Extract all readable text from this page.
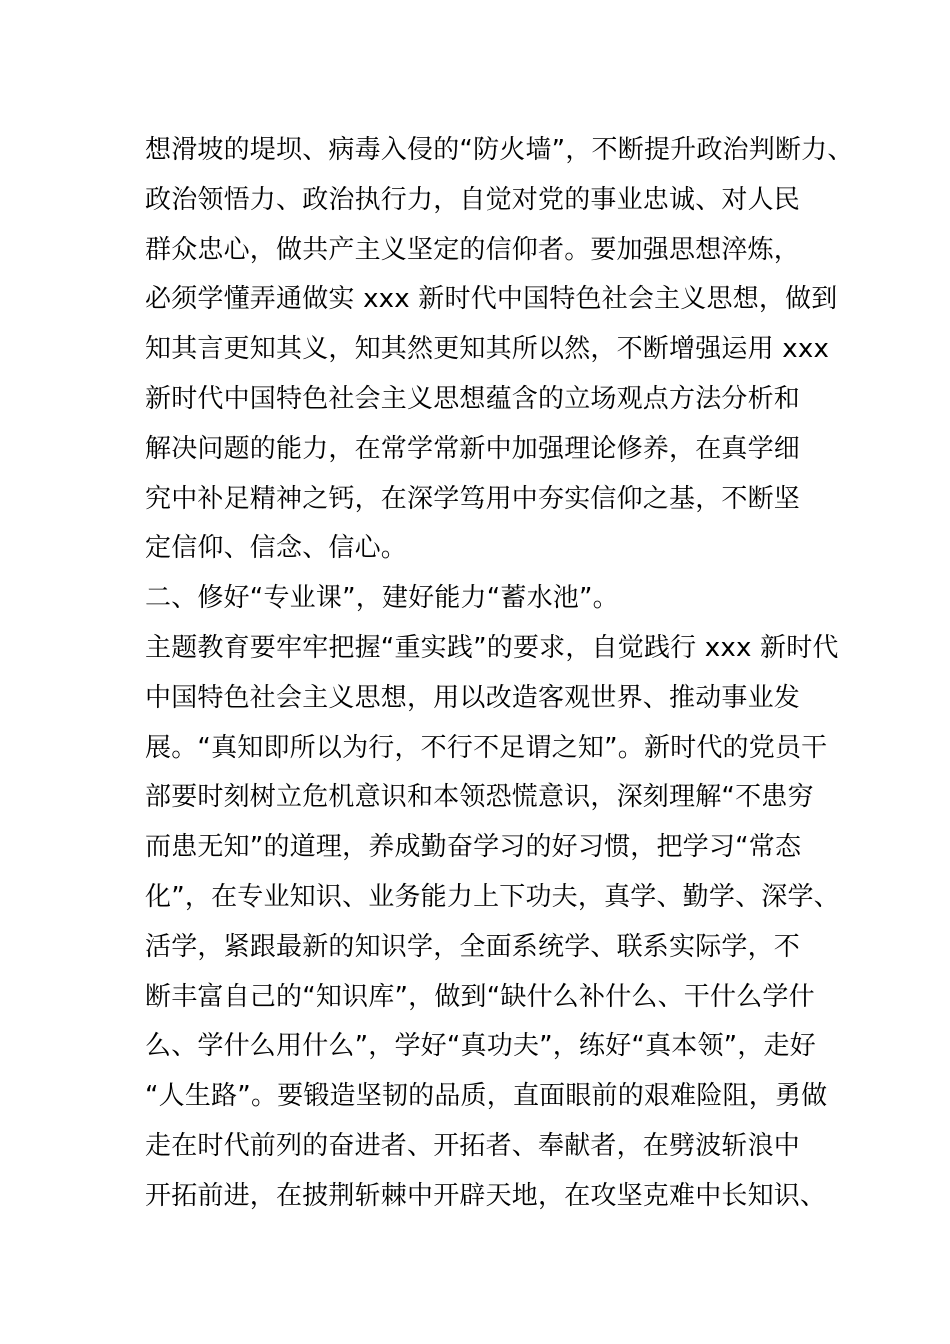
想滑坡的堤坝、病毒入侵的“防火墙”，不断提升政治判断力、
政治领悟力、政治执行力，自觉对党的事业忠诚、对人民
群众忠心，做共产主义坚定的信仰者。要加强思想淬炼，
必须学懂弄通做实 xxx 新时代中国特色社会主义思想，做到
知其言更知其义，知其然更知其所以然，不断增强运用 xxx
新时代中国特色社会主义思想蕴含的立场观点方法分析和
解决问题的能力，在常学常新中加强理论修养，在真学细
究中补足精神之钙，在深学笃用中夯实信仰之基，不断坚
定信仰、信念、信心。
二、修好“专业课”，建好能力“蓄水池”。
主题教育要牢牢把握“重实践”的要求，自觉践行 xxx 新时代
中国特色社会主义思想，用以改造客观世界、推动事业发
展。“真知即所以为行，不行不足谓之知”。新时代的党员干
部要时刻树立危机意识和本领恐慌意识，深刻理解“不患穷
而患无知”的道理，养成勤奋学习的好习惯，把学习“常态
化”，在专业知识、业务能力上下功夫，真学、勤学、深学、
活学，紧跟最新的知识学，全面系统学、联系实际学，不
断丰富自己的“知识库”，做到“缺什么补什么、干什么学什
么、学什么用什么”，学好“真功夫”，练好“真本领”，走好
“人生路”。要锻造坚韧的品质，直面眼前的艰难险阻，勇做
走在时代前列的奋进者、开拓者、奉献者，在劈波斩浪中
开拓前进，在披荆斩棘中开辟天地，在攻坚克难中长知识、
